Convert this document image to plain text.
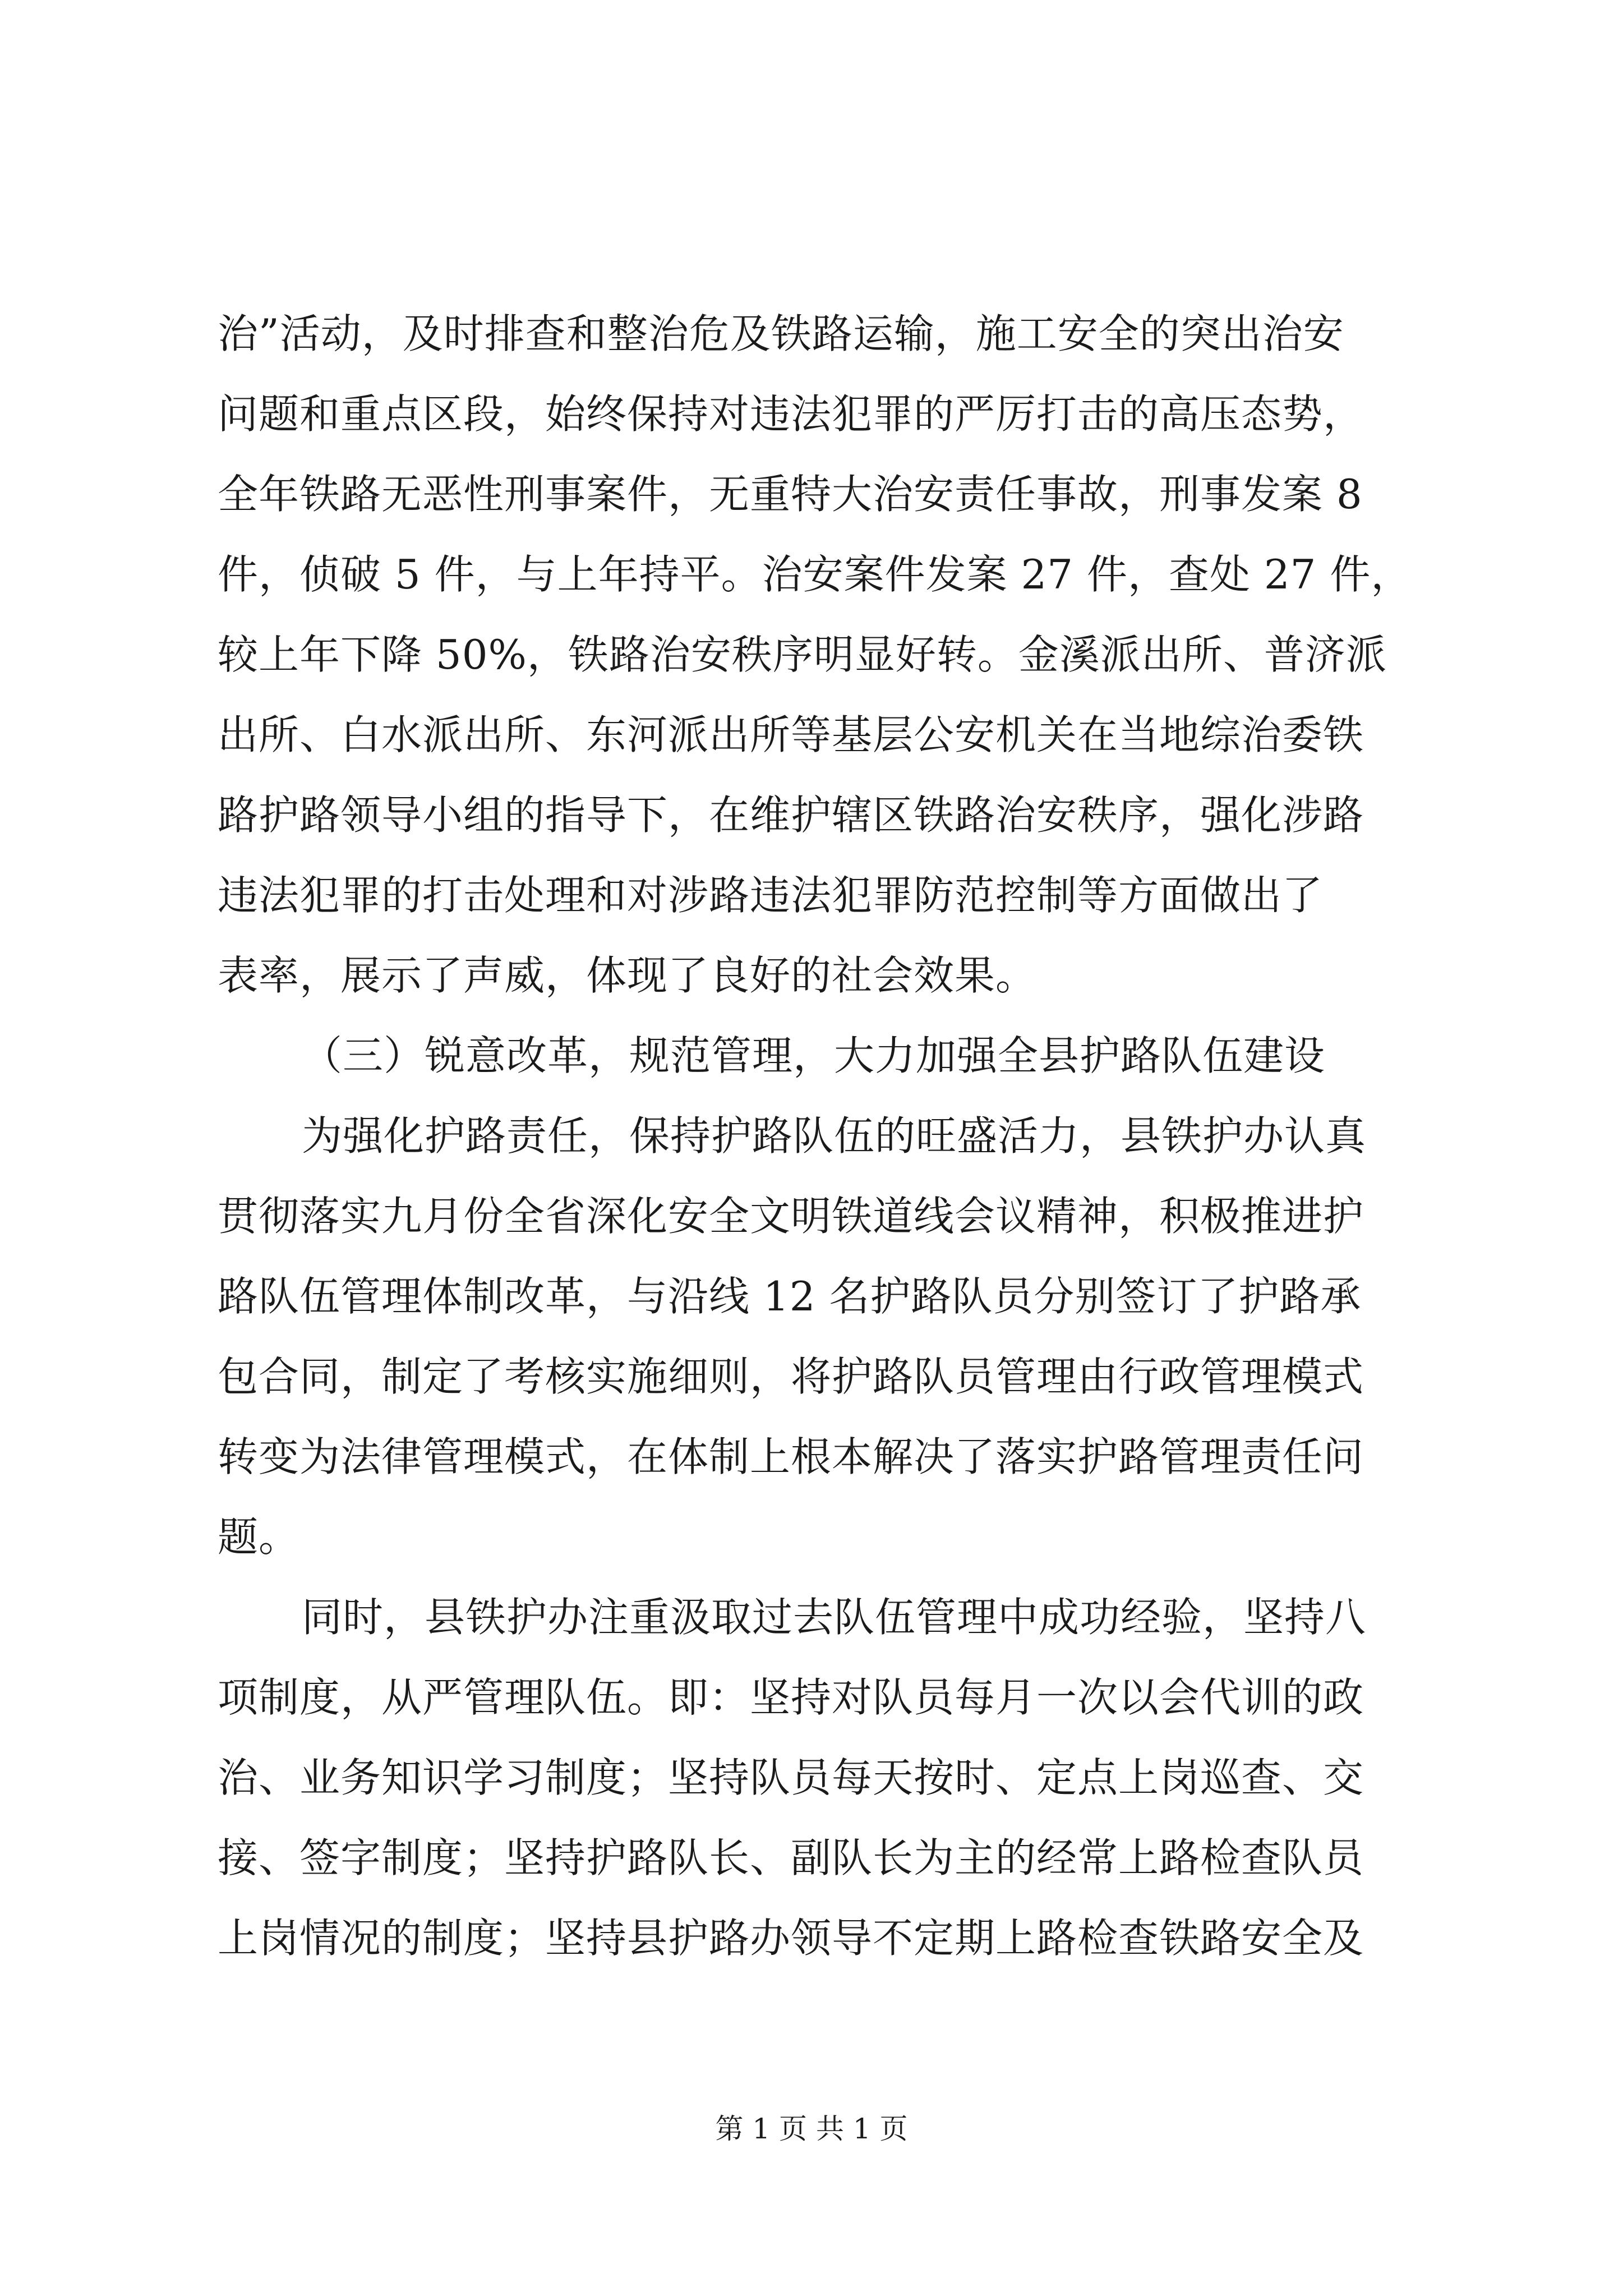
治”活动，及时排查和整治危及铁路运输，施工安全的突出治安
问题和重点区段，始终保持对违法犯罪的严厉打击的高压态势，
全年铁路无恶性刑事案件，无重特大治安责任事故，刑事发案 8
件，侦破 5 件，与上年持平。治安案件发案 27 件，查处 27 件，
较上年下降 50%，铁路治安秩序明显好转。金溪派出所、普济派
出所、白水派出所、东河派出所等基层公安机关在当地综治委铁
路护路领导小组的指导下，在维护辖区铁路治安秩序，强化涉路
违法犯罪的打击处理和对涉路违法犯罪防范控制等方面做出了
表率，展示了声威，体现了良好的社会效果。
（三）锐意改革，规范管理，大力加强全县护路队伍建设
为强化护路责任，保持护路队伍的旺盛活力，县铁护办认真
贯彻落实九月份全省深化安全文明铁道线会议精神，积极推进护
路队伍管理体制改革，与沿线 12 名护路队员分别签订了护路承
包合同，制定了考核实施细则，将护路队员管理由行政管理模式
转变为法律管理模式，在体制上根本解决了落实护路管理责任问
题。
同时，县铁护办注重汲取过去队伍管理中成功经验，坚持八
项制度，从严管理队伍。即：坚持对队员每月一次以会代训的政
治、业务知识学习制度；坚持队员每天按时、定点上岗巡查、交
接、签字制度；坚持护路队长、副队长为主的经常上路检查队员
上岗情况的制度；坚持县护路办领导不定期上路检查铁路安全及
第 1 页 共 1 页
